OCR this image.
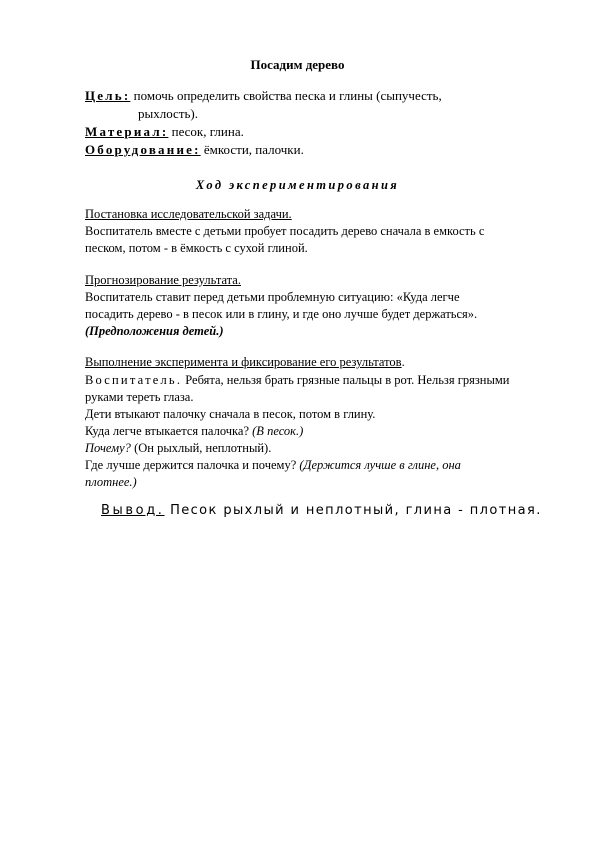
Посадим дерево
Цель: помочь определить свойства песка и глины (сыпучесть,
рыхлость).
Материал: песок, глина.
Оборудование: ёмкости, палочки.
Ход экспериментирования
Постановка исследовательской задачи.
Воспитатель вместе с детьми пробует посадить дерево сначала в емкость с
песком, потом - в ёмкость с сухой глиной.
Прогнозирование результата.
Воспитатель ставит перед детьми проблемную ситуацию: «Куда легче
посадить дерево - в песок или в глину, и где оно лучше будет держаться».
(Предположения детей.)
Выполнение эксперимента и фиксирование его результатов.
Воспитатель. Ребята, нельзя брать грязные пальцы в рот. Нельзя грязными
руками тереть глаза.
Дети втыкают палочку сначала в песок, потом в глину.
Куда легче втыкается палочка? (В песок.)
Почему? (Он рыхлый, неплотный).
Где лучше держится палочка и почему? (Держится лучше в глине, она
плотнее.)
Вывод. Песок рыхлый и неплотный, глина - плотная.
